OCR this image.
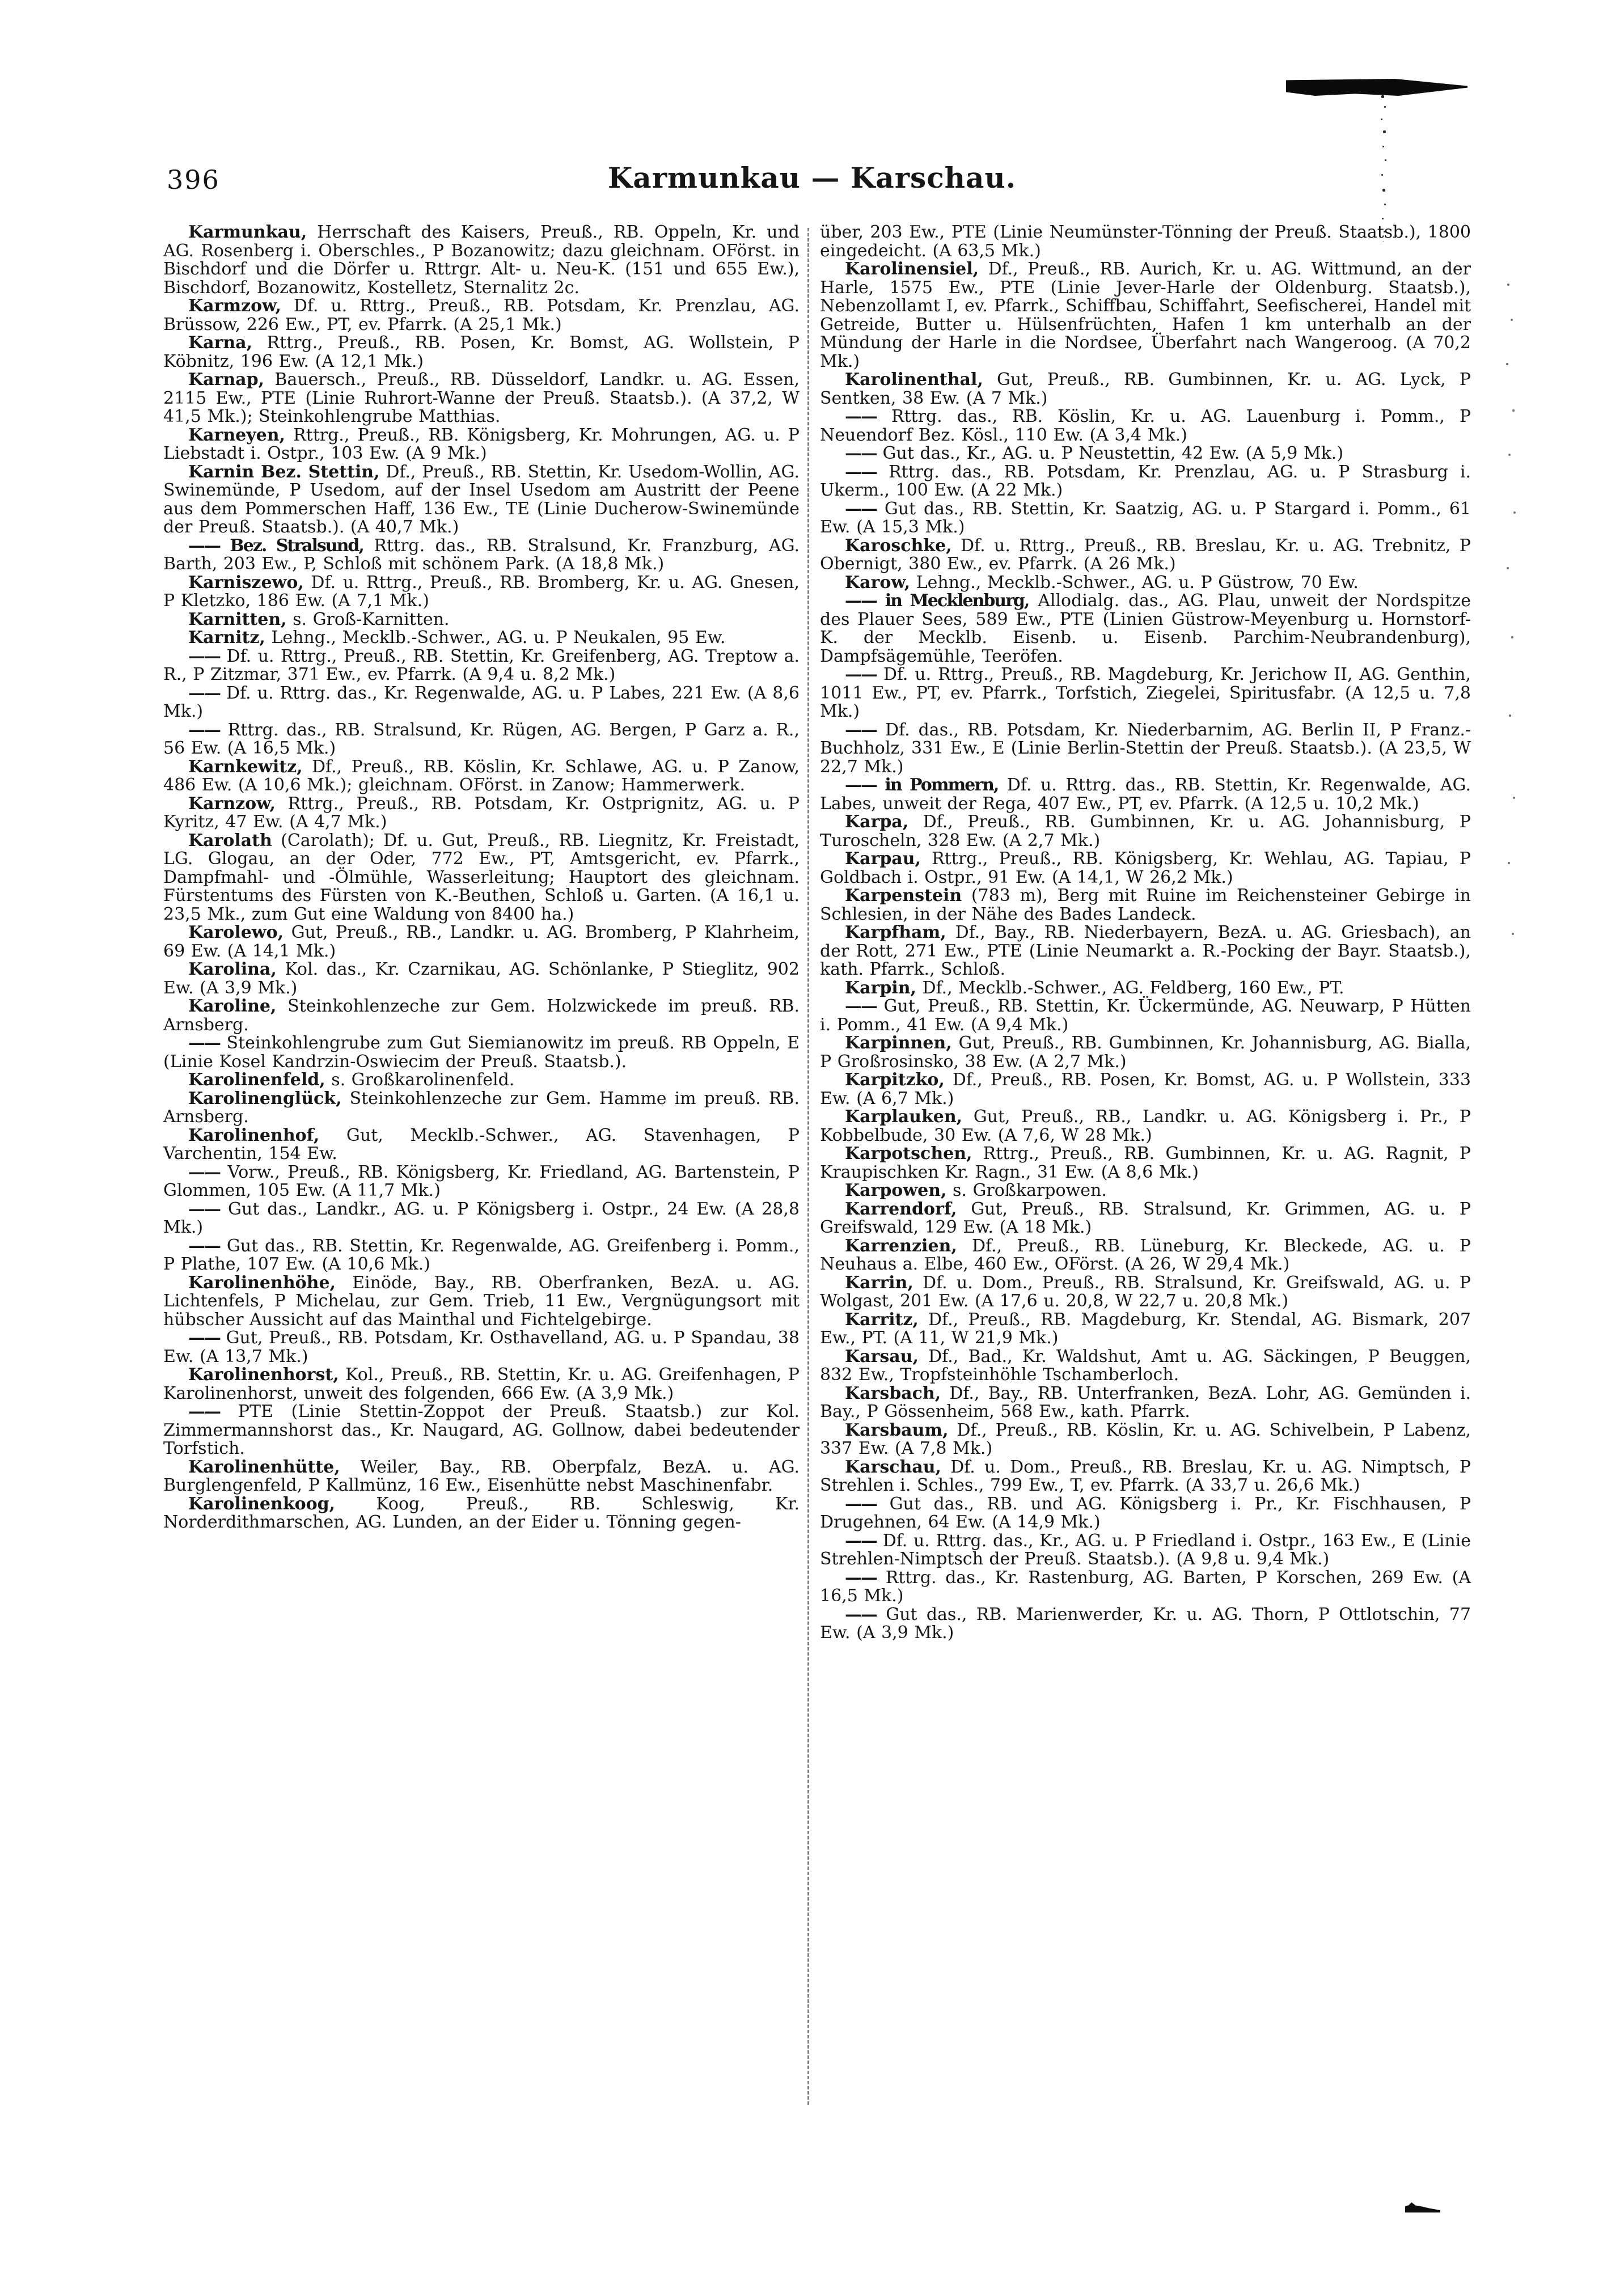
396	Karmunkau — Karschau.

Karmunkau, Herrschaft des Kaisers, Preuß., RB. Oppeln, Kr. und AG. Rosenberg i. Oberschles., P Bozanowitz; dazu gleichnam. OFörst. in Bischdorf und die Dörfer u. Rttrgr. Alt- u. Neu-K. (151 und 655 Ew.), Bischdorf, Bozanowitz, Kostelletz, Sternalitz 2c.

Karmzow, Df. u. Rttrg., Preuß., RB. Potsdam, Kr. Prenzlau, AG. Brüssow, 226 Ew., PT, ev. Pfarrk. (A 25,1 Mk.)

Karna, Rttrg., Preuß., RB. Posen, Kr. Bomst, AG. Wollstein, P Köbnitz, 196 Ew. (A 12,1 Mk.)

Karnap, Bauersch., Preuß., RB. Düsseldorf, Landkr. u. AG. Essen, 2115 Ew., PTE (Linie Ruhrort-Wanne der Preuß. Staatsb.). (A 37,2, W 41,5 Mk.); Steinkohlengrube Matthias.

Karneyen, Rttrg., Preuß., RB. Königsberg, Kr. Mohrungen, AG. u. P Liebstadt i. Ostpr., 103 Ew. (A 9 Mk.)

Karnin Bez. Stettin, Df., Preuß., RB. Stettin, Kr. Usedom-Wollin, AG. Swinemünde, P Usedom, auf der Insel Usedom am Austritt der Peene aus dem Pommerschen Haff, 136 Ew., TE (Linie Ducherow-Swinemünde der Preuß. Staatsb.). (A 40,7 Mk.)

—— Bez. Stralsund, Rttrg. das., RB. Stralsund, Kr. Franzburg, AG. Barth, 203 Ew., P, Schloß mit schönem Park. (A 18,8 Mk.)

Karniszewo, Df. u. Rttrg., Preuß., RB. Bromberg, Kr. u. AG. Gnesen, P Kletzko, 186 Ew. (A 7,1 Mk.)

Karnitten, s. Groß-Karnitten.

Karnitz, Lehng., Mecklb.-Schwer., AG. u. P Neukalen, 95 Ew.

—— Df. u. Rttrg., Preuß., RB. Stettin, Kr. Greifenberg, AG. Treptow a. R., P Zitzmar, 371 Ew., ev. Pfarrk. (A 9,4 u. 8,2 Mk.)

—— Df. u. Rttrg. das., Kr. Regenwalde, AG. u. P Labes, 221 Ew. (A 8,6 Mk.)

—— Rttrg. das., RB. Stralsund, Kr. Rügen, AG. Bergen, P Garz a. R., 56 Ew. (A 16,5 Mk.)

Karnkewitz, Df., Preuß., RB. Köslin, Kr. Schlawe, AG. u. P Zanow, 486 Ew. (A 10,6 Mk.); gleichnam. OFörst. in Zanow; Hammerwerk.

Karnzow, Rttrg., Preuß., RB. Potsdam, Kr. Ostprignitz, AG. u. P Kyritz, 47 Ew. (A 4,7 Mk.)

Karolath (Carolath); Df. u. Gut, Preuß., RB. Liegnitz, Kr. Freistadt, LG. Glogau, an der Oder, 772 Ew., PT, Amtsgericht, ev. Pfarrk., Dampfmahl- und -Ölmühle, Wasserleitung; Hauptort des gleichnam. Fürstentums des Fürsten von K.-Beuthen, Schloß u. Garten. (A 16,1 u. 23,5 Mk., zum Gut eine Waldung von 8400 ha.)

Karolewo, Gut, Preuß., RB., Landkr. u. AG. Bromberg, P Klahrheim, 69 Ew. (A 14,1 Mk.)

Karolina, Kol. das., Kr. Czarnikau, AG. Schönlanke, P Stieglitz, 902 Ew. (A 3,9 Mk.)

Karoline, Steinkohlenzeche zur Gem. Holzwickede im preuß. RB. Arnsberg.

—— Steinkohlengrube zum Gut Siemianowitz im preuß. RB Oppeln, E (Linie Kosel Kandrzin-Oswiecim der Preuß. Staatsb.).

Karolinenfeld, s. Großkarolinenfeld.

Karolinenglück, Steinkohlenzeche zur Gem. Hamme im preuß. RB. Arnsberg.

Karolinenhof, Gut, Mecklb.-Schwer., AG. Stavenhagen, P Varchentin, 154 Ew.

—— Vorw., Preuß., RB. Königsberg, Kr. Friedland, AG. Bartenstein, P Glommen, 105 Ew. (A 11,7 Mk.)

—— Gut das., Landkr., AG. u. P Königsberg i. Ostpr., 24 Ew. (A 28,8 Mk.)

—— Gut das., RB. Stettin, Kr. Regenwalde, AG. Greifenberg i. Pomm., P Plathe, 107 Ew. (A 10,6 Mk.)

Karolinenhöhe, Einöde, Bay., RB. Oberfranken, BezA. u. AG. Lichtenfels, P Michelau, zur Gem. Trieb, 11 Ew., Vergnügungsort mit hübscher Aussicht auf das Mainthal und Fichtelgebirge.

—— Gut, Preuß., RB. Potsdam, Kr. Osthavelland, AG. u. P Spandau, 38 Ew. (A 13,7 Mk.)

Karolinenhorst, Kol., Preuß., RB. Stettin, Kr. u. AG. Greifenhagen, P Karolinenhorst, unweit des folgenden, 666 Ew. (A 3,9 Mk.)

—— PTE (Linie Stettin-Zoppot der Preuß. Staatsb.) zur Kol. Zimmermannshorst das., Kr. Naugard, AG. Gollnow, dabei bedeutender Torfstich.

Karolinenhütte, Weiler, Bay., RB. Oberpfalz, BezA. u. AG. Burglengenfeld, P Kallmünz, 16 Ew., Eisenhütte nebst Maschinenfabr.

Karolinenkoog, Koog, Preuß., RB. Schleswig, Kr. Norderdithmarschen, AG. Lunden, an der Eider u. Tönning gegen-

über, 203 Ew., PTE (Linie Neumünster-Tönning der Preuß. Staatsb.), 1800 eingedeicht. (A 63,5 Mk.)

Karolinensiel, Df., Preuß., RB. Aurich, Kr. u. AG. Wittmund, an der Harle, 1575 Ew., PTE (Linie Jever-Harle der Oldenburg. Staatsb.), Nebenzollamt I, ev. Pfarrk., Schiffbau, Schiffahrt, Seefischerei, Handel mit Getreide, Butter u. Hülsenfrüchten, Hafen 1 km unterhalb an der Mündung der Harle in die Nordsee, Überfahrt nach Wangeroog. (A 70,2 Mk.)

Karolinenthal, Gut, Preuß., RB. Gumbinnen, Kr. u. AG. Lyck, P Sentken, 38 Ew. (A 7 Mk.)

—— Rttrg. das., RB. Köslin, Kr. u. AG. Lauenburg i. Pomm., P Neuendorf Bez. Kösl., 110 Ew. (A 3,4 Mk.)

—— Gut das., Kr., AG. u. P Neustettin, 42 Ew. (A 5,9 Mk.)

—— Rttrg. das., RB. Potsdam, Kr. Prenzlau, AG. u. P Strasburg i. Ukerm., 100 Ew. (A 22 Mk.)

—— Gut das., RB. Stettin, Kr. Saatzig, AG. u. P Stargard i. Pomm., 61 Ew. (A 15,3 Mk.)

Karoschke, Df. u. Rttrg., Preuß., RB. Breslau, Kr. u. AG. Trebnitz, P Obernigt, 380 Ew., ev. Pfarrk. (A 26 Mk.)

Karow, Lehng., Mecklb.-Schwer., AG. u. P Güstrow, 70 Ew.

—— in Mecklenburg, Allodialg. das., AG. Plau, unweit der Nordspitze des Plauer Sees, 589 Ew., PTE (Linien Güstrow-Meyenburg u. Hornstorf-K. der Mecklb. Eisenb. u. Eisenb. Parchim-Neubrandenburg), Dampfsägemühle, Teeröfen.

—— Df. u. Rttrg., Preuß., RB. Magdeburg, Kr. Jerichow II, AG. Genthin, 1011 Ew., PT, ev. Pfarrk., Torfstich, Ziegelei, Spiritusfabr. (A 12,5 u. 7,8 Mk.)

—— Df. das., RB. Potsdam, Kr. Niederbarnim, AG. Berlin II, P Franz.-Buchholz, 331 Ew., E (Linie Berlin-Stettin der Preuß. Staatsb.). (A 23,5, W 22,7 Mk.)

—— in Pommern, Df. u. Rttrg. das., RB. Stettin, Kr. Regenwalde, AG. Labes, unweit der Rega, 407 Ew., PT, ev. Pfarrk. (A 12,5 u. 10,2 Mk.)

Karpa, Df., Preuß., RB. Gumbinnen, Kr. u. AG. Johannisburg, P Turoscheln, 328 Ew. (A 2,7 Mk.)

Karpau, Rttrg., Preuß., RB. Königsberg, Kr. Wehlau, AG. Tapiau, P Goldbach i. Ostpr., 91 Ew. (A 14,1, W 26,2 Mk.)

Karpenstein (783 m), Berg mit Ruine im Reichensteiner Gebirge in Schlesien, in der Nähe des Bades Landeck.

Karpfham, Df., Bay., RB. Niederbayern, BezA. u. AG. Griesbach), an der Rott, 271 Ew., PTE (Linie Neumarkt a. R.-Pocking der Bayr. Staatsb.), kath. Pfarrk., Schloß.

Karpin, Df., Mecklb.-Schwer., AG. Feldberg, 160 Ew., PT.

—— Gut, Preuß., RB. Stettin, Kr. Ückermünde, AG. Neuwarp, P Hütten i. Pomm., 41 Ew. (A 9,4 Mk.)

Karpinnen, Gut, Preuß., RB. Gumbinnen, Kr. Johannisburg, AG. Bialla, P Großrosinsko, 38 Ew. (A 2,7 Mk.)

Karpitzko, Df., Preuß., RB. Posen, Kr. Bomst, AG. u. P Wollstein, 333 Ew. (A 6,7 Mk.)

Karplauken, Gut, Preuß., RB., Landkr. u. AG. Königsberg i. Pr., P Kobbelbude, 30 Ew. (A 7,6, W 28 Mk.)

Karpotschen, Rttrg., Preuß., RB. Gumbinnen, Kr. u. AG. Ragnit, P Kraupischken Kr. Ragn., 31 Ew. (A 8,6 Mk.)

Karpowen, s. Großkarpowen.

Karrendorf, Gut, Preuß., RB. Stralsund, Kr. Grimmen, AG. u. P Greifswald, 129 Ew. (A 18 Mk.)

Karrenzien, Df., Preuß., RB. Lüneburg, Kr. Bleckede, AG. u. P Neuhaus a. Elbe, 460 Ew., OFörst. (A 26, W 29,4 Mk.)

Karrin, Df. u. Dom., Preuß., RB. Stralsund, Kr. Greifswald, AG. u. P Wolgast, 201 Ew. (A 17,6 u. 20,8, W 22,7 u. 20,8 Mk.)

Karritz, Df., Preuß., RB. Magdeburg, Kr. Stendal, AG. Bismark, 207 Ew., PT. (A 11, W 21,9 Mk.)

Karsau, Df., Bad., Kr. Waldshut, Amt u. AG. Säckingen, P Beuggen, 832 Ew., Tropfsteinhöhle Tschamberloch.

Karsbach, Df., Bay., RB. Unterfranken, BezA. Lohr, AG. Gemünden i. Bay., P Gössenheim, 568 Ew., kath. Pfarrk.

Karsbaum, Df., Preuß., RB. Köslin, Kr. u. AG. Schivelbein, P Labenz, 337 Ew. (A 7,8 Mk.)

Karschau, Df. u. Dom., Preuß., RB. Breslau, Kr. u. AG. Nimptsch, P Strehlen i. Schles., 799 Ew., T, ev. Pfarrk. (A 33,7 u. 26,6 Mk.)

—— Gut das., RB. und AG. Königsberg i. Pr., Kr. Fischhausen, P Drugehnen, 64 Ew. (A 14,9 Mk.)

—— Df. u. Rttrg. das., Kr., AG. u. P Friedland i. Ostpr., 163 Ew., E (Linie Strehlen-Nimptsch der Preuß. Staatsb.). (A 9,8 u. 9,4 Mk.)

—— Rttrg. das., Kr. Rastenburg, AG. Barten, P Korschen, 269 Ew. (A 16,5 Mk.)

—— Gut das., RB. Marienwerder, Kr. u. AG. Thorn, P Ottlotschin, 77 Ew. (A 3,9 Mk.)
